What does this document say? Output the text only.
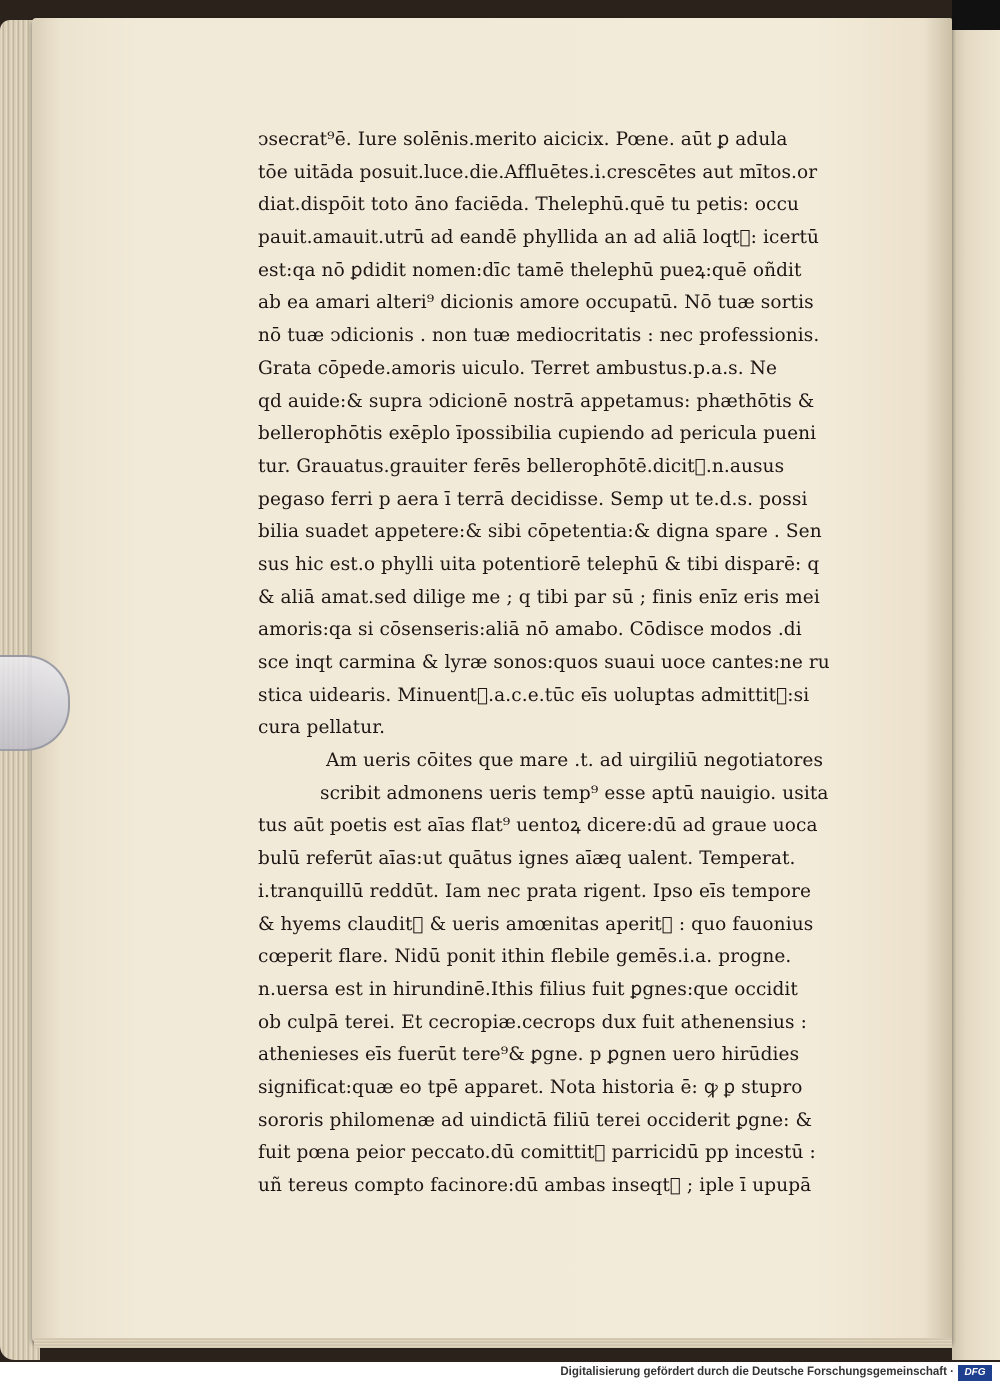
ↄsecrat⁹ē. Iure solēnis.merito aicicix. Pœne. aūt ꝑ adula
tōe uitāda posuit.luce.die.Affluētes.i.crescētes aut mītos.or
diat.dispōit toto āno faciēda. Thelephū.quē tu petis: occu
pauit.amauit.utrū ad eandē phyllida an ad aliā loqt᷑: icertū
est:qa nō ꝑdidit nomen:dīc tamē thelephū pueꝝ:quē oñdit
ab ea amari alteri⁹ dicionis amore occupatū. Nō tuæ sortis
nō tuæ ↄdicionis . non tuæ mediocritatis : nec professionis.
Grata cōpede.amoris uiculo. Terret ambustus.p.a.s. Ne
qd auide:& supra ↄdicionē nostrā appetamus: phæthōtis &
bellerophōtis exēplo īpossibilia cupiendo ad pericula pueni
tur. Grauatus.grauiter ferēs bellerophōtē.dicit᷑.n.ausus
pegaso ferri p aera ī terrā decidisse. Semp ut te.d.s. possi
bilia suadet appetere:& sibi cōpetentia:& digna spare . Sen
sus hic est.o phylli uita potentiorē telephū & tibi disparē: q
& aliā amat.sed dilige me ; q tibi par sū ; finis enīz eris mei
amoris:qa si cōsenseris:aliā nō amabo. Cōdisce modos .di
sce inqt carmina & lyræ sonos:quos suaui uoce cantes:ne ru
stica uidearis. Minuent᷑.a.c.e.tūc eīs uoluptas admittit᷑:si
cura pellatur.
Am ueris cōites que mare .t. ad uirgiliū negotiatores
scribit admonens ueris temp⁹ esse aptū nauigio. usita
tus aūt poetis est aīas flat⁹ uentoꝝ dicere:dū ad graue uoca
bulū referūt aīas:ut quātus ignes aīæq ualent. Temperat.
i.tranquillū reddūt. Iam nec prata rigent. Ipso eīs tempore
& hyems claudit᷑ & ueris amœnitas aperit᷑ : quo fauonius
cœperit flare. Nidū ponit ithin flebile gemēs.i.a. progne.
n.uersa est in hirundinē.Ithis filius fuit ꝑgnes:que occidit
ob culpā terei. Et cecropiæ.cecrops dux fuit athenensius :
athenieses eīs fuerūt tere⁹& ꝑgne. p ꝑgnen uero hirūdies
significat:quæ eo tpē apparet. Nota historia ē: ꝙ ꝑ stupro
sororis philomenæ ad uindictā filiū terei occiderit ꝑgne: &
fuit pœna peior peccato.dū comittit᷑ parricidū pp incestū :
uñ tereus compto facinore:dū ambas inseqt᷑ ; iple ī upupā
Digitalisierung gefördert durch die Deutsche Forschungsgemeinschaft ·	DFG
